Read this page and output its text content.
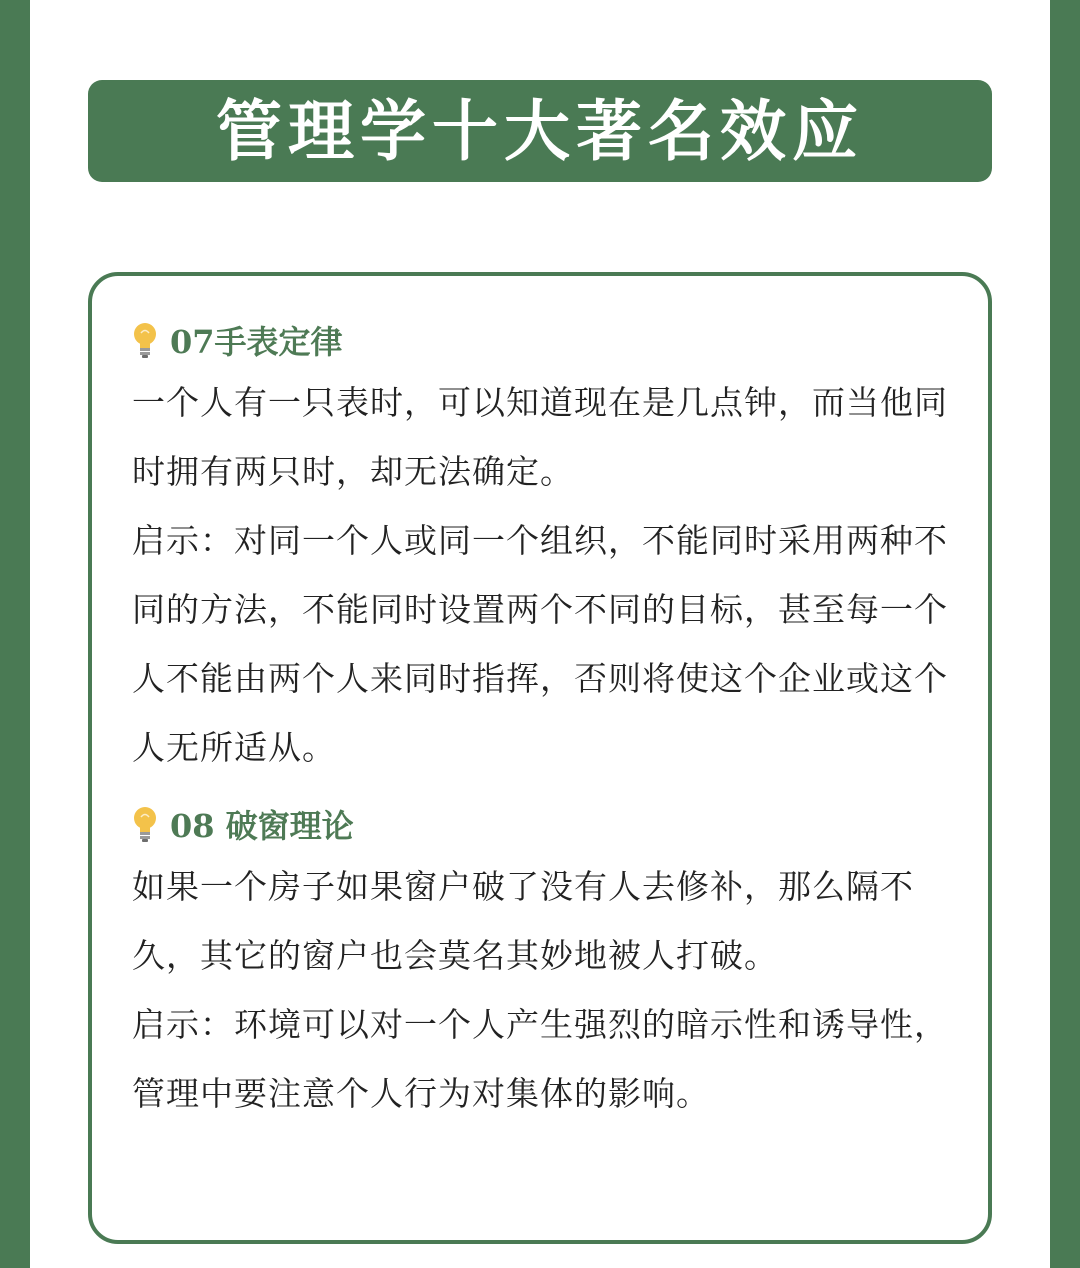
管理学十大著名效应
07手表定律

一个人有一只表时，可以知道现在是几点钟，而当他同时拥有两只时，却无法确定。

启示：对同一个人或同一个组织，不能同时采用两种不同的方法，不能同时设置两个不同的目标，甚至每一个人不能由两个人来同时指挥，否则将使这个企业或这个人无所适从。

08 破窗理论

如果一个房子如果窗户破了没有人去修补，那么隔不久，其它的窗户也会莫名其妙地被人打破。

启示：环境可以对一个人产生强烈的暗示性和诱导性，管理中要注意个人行为对集体的影响。
